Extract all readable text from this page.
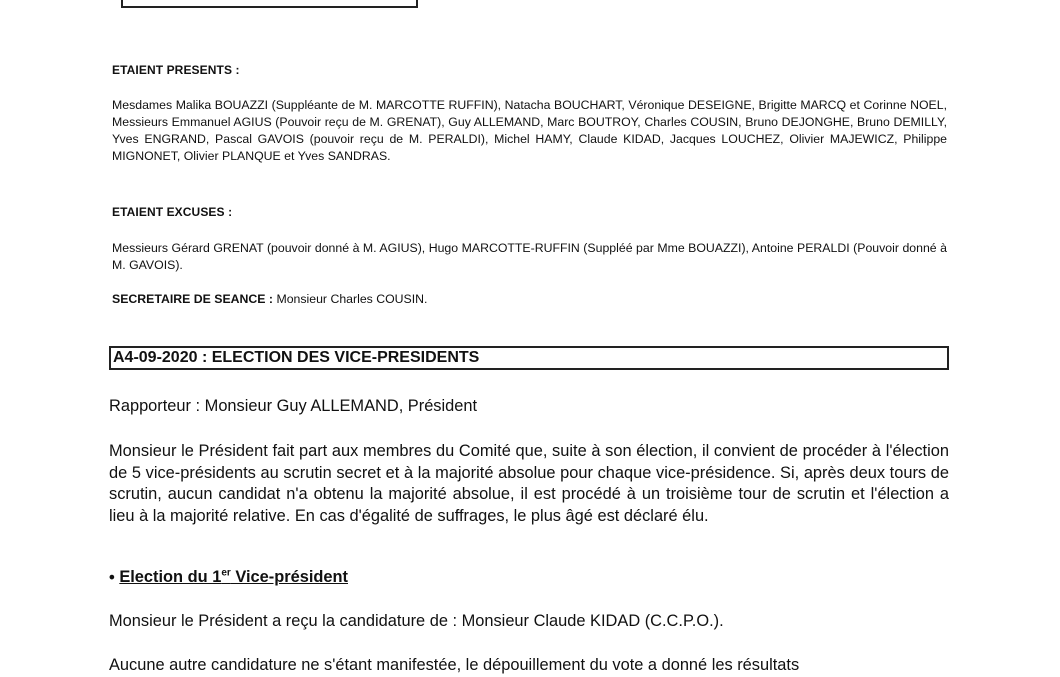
ETAIENT PRESENTS :
Mesdames Malika BOUAZZI (Suppléante de M. MARCOTTE RUFFIN), Natacha BOUCHART, Véronique DESEIGNE, Brigitte MARCQ et Corinne NOEL, Messieurs Emmanuel AGIUS (Pouvoir reçu de M. GRENAT), Guy ALLEMAND, Marc BOUTROY, Charles COUSIN, Bruno DEJONGHE, Bruno DEMILLY, Yves ENGRAND, Pascal GAVOIS (pouvoir reçu de M. PERALDI), Michel HAMY, Claude KIDAD, Jacques LOUCHEZ, Olivier MAJEWICZ, Philippe MIGNONET, Olivier PLANQUE et Yves SANDRAS.
ETAIENT EXCUSES :
Messieurs Gérard GRENAT (pouvoir donné à M. AGIUS), Hugo MARCOTTE-RUFFIN (Suppléé par Mme BOUAZZI), Antoine PERALDI (Pouvoir donné à M. GAVOIS).
SECRETAIRE DE SEANCE : Monsieur Charles COUSIN.
A4-09-2020 : ELECTION DES VICE-PRESIDENTS
Rapporteur : Monsieur Guy ALLEMAND, Président
Monsieur le Président fait part aux membres du Comité que, suite à son élection, il convient de procéder à l'élection de 5 vice-présidents au scrutin secret et à la majorité absolue pour chaque vice-présidence. Si, après deux tours de scrutin, aucun candidat n'a obtenu la majorité absolue, il est procédé à un troisième tour de scrutin et l'élection a lieu à la majorité relative. En cas d'égalité de suffrages, le plus âgé est déclaré élu.
• Election du 1er Vice-président
Monsieur le Président a reçu la candidature de : Monsieur Claude KIDAD (C.C.P.O.).
Aucune autre candidature ne s'étant manifestée, le dépouillement du vote a donné les résultats
